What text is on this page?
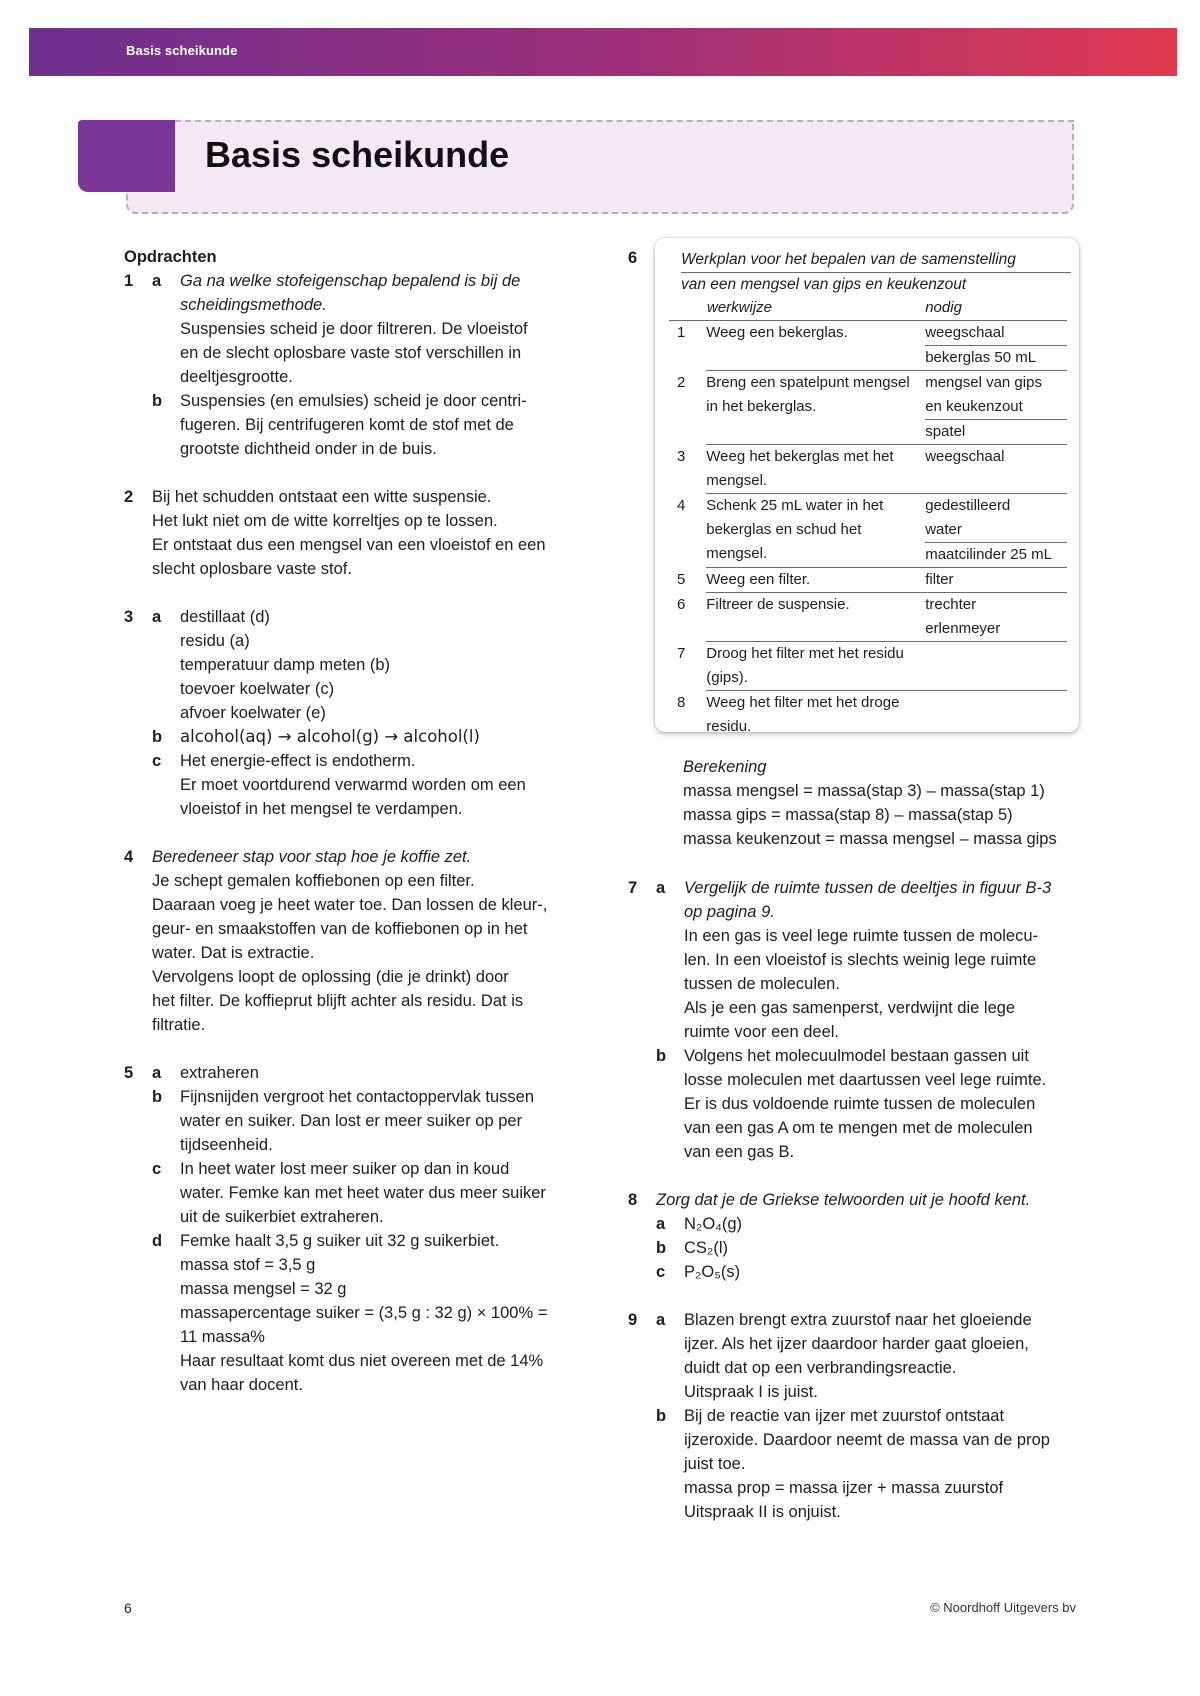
Basis scheikunde
Basis scheikunde
Opdrachten
1 a Ga na welke stofeigenschap bepalend is bij de
scheidingsmethode.
Suspensies scheid je door filtreren. De vloeistof
en de slecht oplosbare vaste stof verschillen in
deeltjesgrootte.
b Suspensies (en emulsies) scheid je door centri-
fugeren. Bij centrifugeren komt de stof met de
grootste dichtheid onder in de buis.
2 Bij het schudden ontstaat een witte suspensie.
Het lukt niet om de witte korreltjes op te lossen.
Er ontstaat dus een mengsel van een vloeistof en een
slecht oplosbare vaste stof.
3 a destillaat (d)
residu (a)
temperatuur damp meten (b)
toevoer koelwater (c)
afvoer koelwater (e)
b alcohol(aq) → alcohol(g) → alcohol(l)
c Het energie-effect is endotherm.
Er moet voortdurend verwarmd worden om een
vloeistof in het mengsel te verdampen.
4 Beredeneer stap voor stap hoe je koffie zet.
Je schept gemalen koffiebonen op een filter.
Daaraan voeg je heet water toe. Dan lossen de kleur-,
geur- en smaakstoffen van de koffiebonen op in het
water. Dat is extractie.
Vervolgens loopt de oplossing (die je drinkt) door
het filter. De koffieprut blijft achter als residu. Dat is
filtratie.
5 a extraheren
b Fijnsnijden vergroot het contactoppervlak tussen
water en suiker. Dan lost er meer suiker op per
tijdseenheid.
c In heet water lost meer suiker op dan in koud
water. Femke kan met heet water dus meer suiker
uit de suikerbiet extraheren.
d Femke haalt 3,5 g suiker uit 32 g suikerbiet.
massa stof = 3,5 g
massa mengsel = 32 g
massapercentage suiker = (3,5 g : 32 g) × 100% =
11 massa%
Haar resultaat komt dus niet overeen met de 14%
van haar docent.
6	Werkplan voor het bepalen van de samenstelling
van een mengsel van gips en keukenzout
werkwijze		nodig
1	Weeg een bekerglas.	weegschaal
bekerglas 50 mL

2	Breng een spatelpunt mengsel in het bekerglas.	mengsel van gips
en keukenzout
spatel

3	Weeg het bekerglas met het mengsel.	weegschaal
4	Schenk 25 mL water in het bekerglas en schud het mengsel.	gedestilleerd
water
maatcilinder 25 mL

5	Weeg een filter.	filter
6	Filtreer de suspensie.	trechter
erlenmeyer

7	Droog het filter met het residu (gips).	
8	Weeg het filter met het droge residu.	
Berekening
massa mengsel = massa(stap 3) – massa(stap 1)
massa gips = massa(stap 8) – massa(stap 5)
massa keukenzout = massa mengsel – massa gips
7 a Vergelijk de ruimte tussen de deeltjes in figuur B-3
op pagina 9.
In een gas is veel lege ruimte tussen de molecu-
len. In een vloeistof is slechts weinig lege ruimte
tussen de moleculen.
Als je een gas samenperst, verdwijnt die lege
ruimte voor een deel.
b Volgens het molecuulmodel bestaan gassen uit
losse moleculen met daartussen veel lege ruimte.
Er is dus voldoende ruimte tussen de moleculen
van een gas A om te mengen met de moleculen
van een gas B.
8 Zorg dat je de Griekse telwoorden uit je hoofd kent.
a N₂O₄(g)
b CS₂(l)
c P₂O₅(s)
9 a Blazen brengt extra zuurstof naar het gloeiende
ijzer. Als het ijzer daardoor harder gaat gloeien,
duidt dat op een verbrandingsreactie.
Uitspraak I is juist.
b Bij de reactie van ijzer met zuurstof ontstaat
ijzeroxide. Daardoor neemt de massa van de prop
juist toe.
massa prop = massa ijzer + massa zuurstof
Uitspraak II is onjuist.
6	© Noordhoff Uitgevers bv
